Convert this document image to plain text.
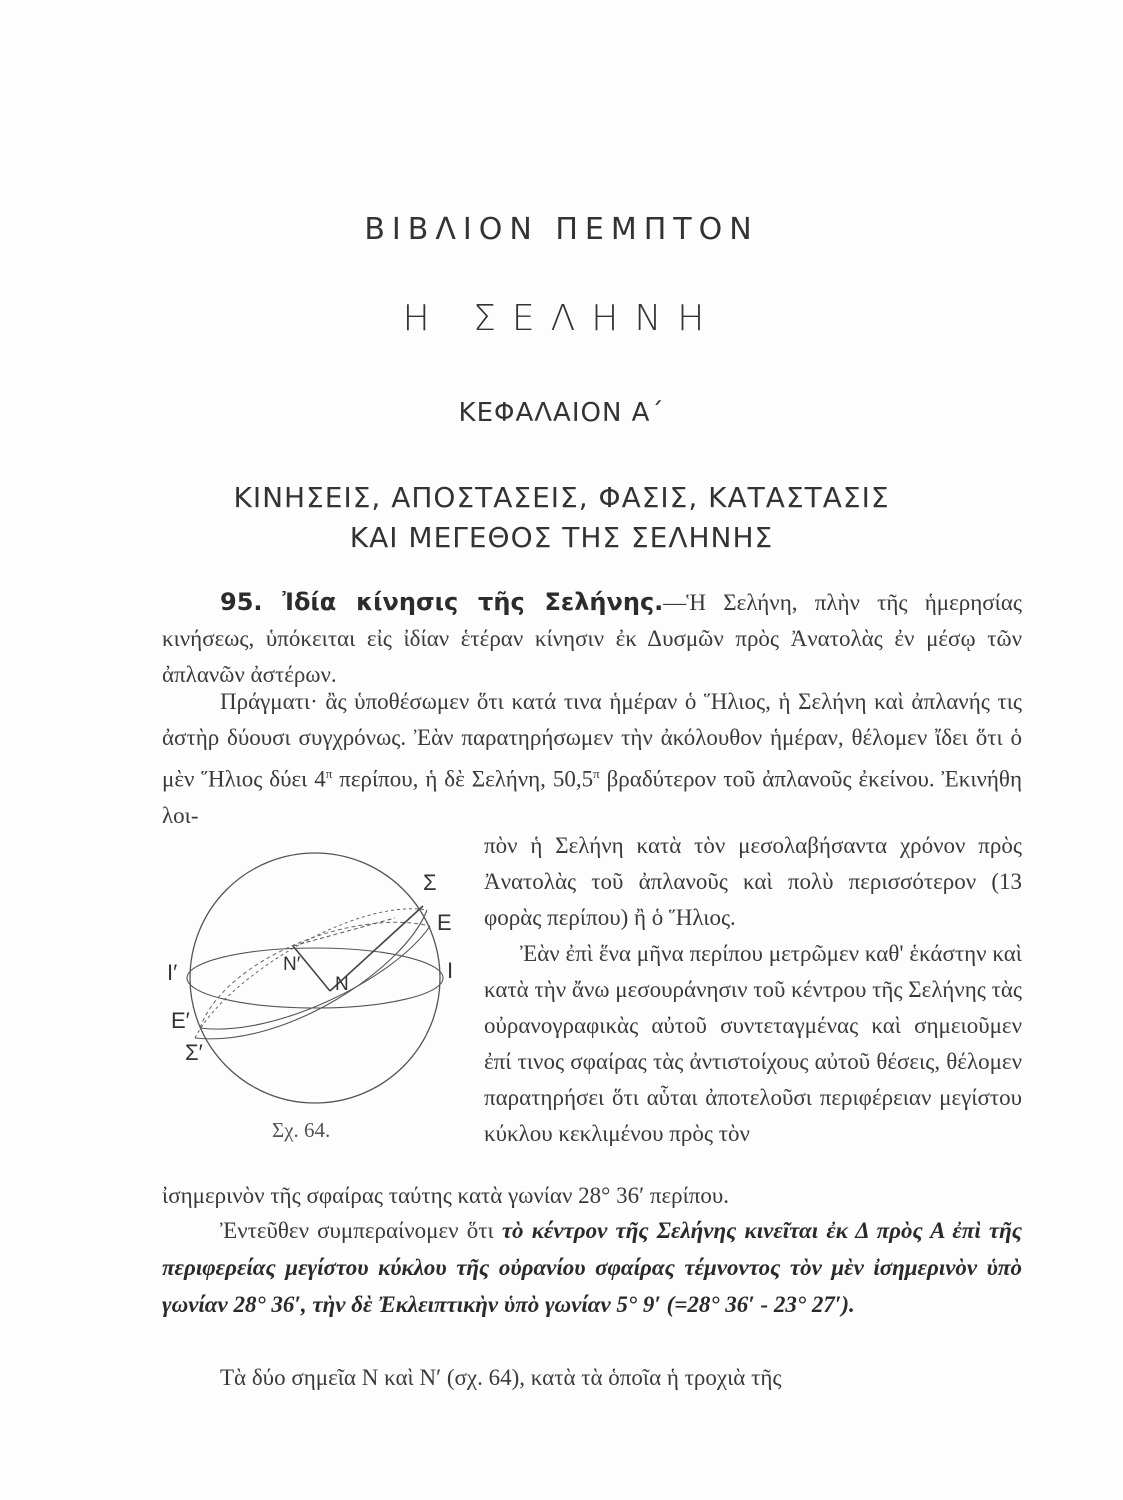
ΒΙΒΛΙΟΝ ΠΕΜΠΤΟΝ
Η ΣΕΛΗΝΗ
ΚΕΦΑΛΑΙΟΝ Α΄
ΚΙΝΗΣΕΙΣ, ΑΠΟΣΤΑΣΕΙΣ, ΦΑΣΙΣ, ΚΑΤΑΣΤΑΣΙΣ
ΚΑΙ ΜΕΓΕΘΟΣ ΤΗΣ ΣΕΛΗΝΗΣ

95. Ἰδία κίνησις τῆς Σελήνης.—Ἡ Σελήνη, πλὴν τῆς ἡμερησίας κινήσεως, ὑπόκειται εἰς ἰδίαν ἑτέραν κίνησιν ἐκ Δυσμῶν πρὸς Ἀνατολὰς ἐν μέσῳ τῶν ἀπλανῶν ἀστέρων.

Πράγματι· ἂς ὑποθέσωμεν ὅτι κατά τινα ἡμέραν ὁ Ἥλιος, ἡ Σελήνη καὶ ἀπλανής τις ἀστὴρ δύουσι συγχρόνως. Ἐὰν παρατηρήσωμεν τὴν ἀκόλουθον ἡμέραν, θέλομεν ἴδει ὅτι ὁ μὲν Ἥλιος δύει $4^\pi$ περίπου, ἡ δὲ Σελήνη, $50,5^\pi$ βραδύτερον τοῦ ἀπλανοῦς ἐκείνου. Ἐκινήθη λοι-

πὸν ἡ Σελήνη κατὰ τὸν μεσολαβήσαντα χρόνον πρὸς Ἀνατολὰς τοῦ ἀπλανοῦς καὶ πολὺ περισσότερον (13 φορὰς περίπου) ἢ ὁ Ἥλιος.
Ἐὰν ἐπὶ ἕνα μῆνα περίπου μετρῶμεν καθ' ἑκάστην καὶ κατὰ τὴν ἄνω μεσουράνησιν τοῦ κέντρου τῆς Σελήνης τὰς οὐρανογραφικὰς αὐτοῦ συντεταγμένας καὶ σημειοῦμεν ἐπί τινος σφαίρας τὰς ἀντιστοίχους αὐτοῦ θέσεις, θέλομεν παρατηρήσει ὅτι αὗται ἀποτελοῦσι περιφέρειαν μεγίστου κύκλου κεκλιμένου πρὸς τὸν
Σ
Ε
Ι
Ι′
Ε′
Σ′
Ν′
Ν
Σχ. 64.

ἰσημερινὸν τῆς σφαίρας ταύτης κατὰ γωνίαν 28° 36′ περίπου.

Ἐντεῦθεν συμπεραίνομεν ὅτι τὸ κέντρον τῆς Σελήνης κινεῖται ἐκ Δ πρὸς Α ἐπὶ τῆς περιφερείας μεγίστου κύκλου τῆς οὐρανίου σφαίρας τέμνοντος τὸν μὲν ἰσημερινὸν ὑπὸ γωνίαν 28° 36′, τὴν δὲ Ἐκλειπτικὴν ὑπὸ γωνίαν 5° 9′ (=28° 36′ - 23° 27′).

Τὰ δύο σημεῖα Ν καὶ Ν′ (σχ. 64), κατὰ τὰ ὁποῖα ἡ τροχιὰ τῆς
